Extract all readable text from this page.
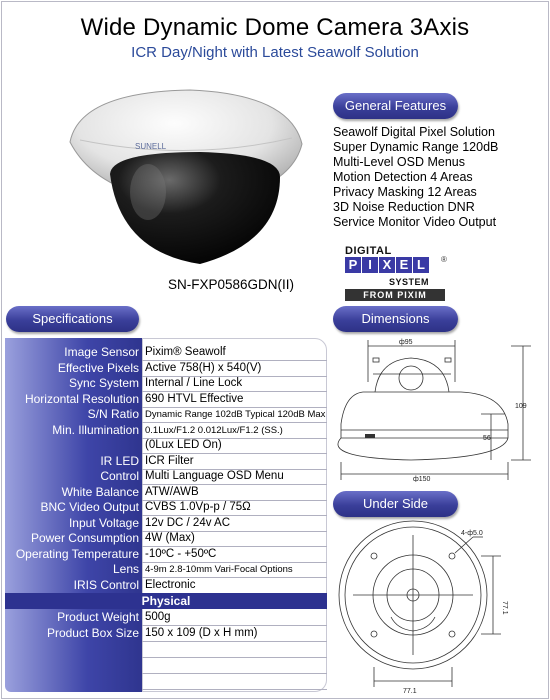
Wide Dynamic Dome Camera 3Axis
ICR Day/Night with Latest Seawolf Solution
SUNELL
General Features
Seawolf Digital Pixel Solution
Super Dynamic Range 120dB
Multi-Level OSD Menus
Motion Detection 4 Areas
Privacy Masking 12 Areas
3D Noise Reduction DNR
Service Monitor Video Output
DIGITAL
P I X E L	®
SYSTEM
FROM PIXIM
SN-FXP0586GDN(II)
Specifications
Image Sensor Pixim® Seawolf
Effective Pixels Active 758(H) x 540(V)
Sync System Internal / Line Lock
Horizontal Resolution 690 HTVL Effective
S/N Ratio Dynamic Range 102dB Typical 120dB Max
Min. Illumination 0.1Lux/F1.2 0.012Lux/F1.2 (SS.)
(0Lux LED On)
IR LED ICR Filter
Control Multi Language OSD Menu
White Balance ATW/AWB
BNC Video Output CVBS 1.0Vp-p / 75Ω
Input Voltage 12v DC / 24v AC
Power Consumption 4W (Max)
Operating Temperature -10ºC - +50ºC
Lens 4-9m 2.8-10mm Vari-Focal Options
IRIS Control Electronic
Physical
Product Weight 500g
Product Box Size 150 x 109 (D x H mm)
Dimensions
ф95
109
56
ф150
Under Side
4-ф5.0
77.1
77.1
